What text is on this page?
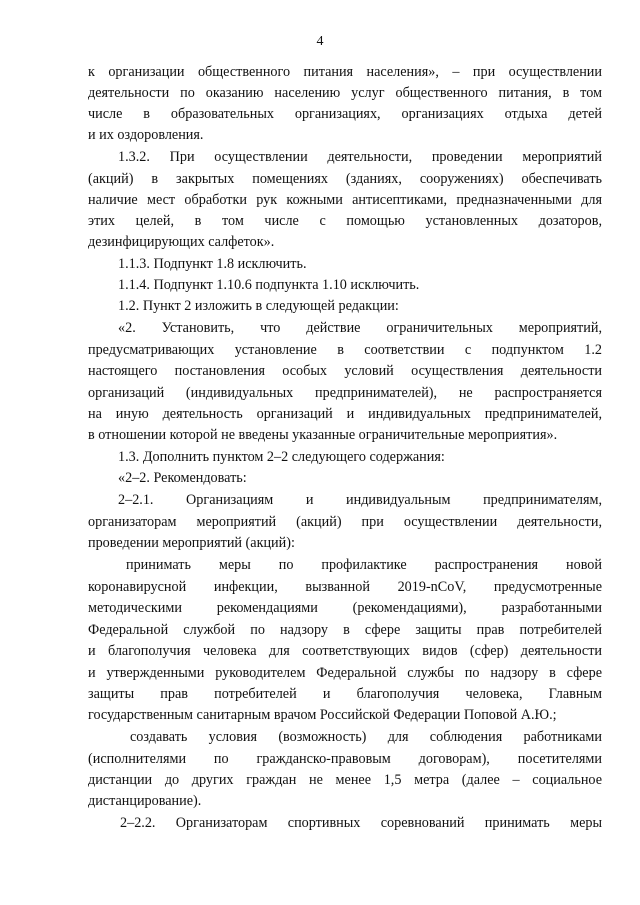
4
к организации общественного питания населения», – при осуществлении
деятельности по оказанию населению услуг общественного питания, в том
числе в образовательных организациях, организациях отдыха детей
и их оздоровления.
1.3.2. При осуществлении деятельности, проведении мероприятий
(акций) в закрытых помещениях (зданиях, сооружениях) обеспечивать
наличие мест обработки рук кожными антисептиками, предназначенными для
этих целей, в том числе с помощью установленных дозаторов,
дезинфицирующих салфеток».
1.1.3. Подпункт 1.8 исключить.
1.1.4. Подпункт 1.10.6 подпункта 1.10 исключить.
1.2. Пункт 2 изложить в следующей редакции:
«2. Установить, что действие ограничительных мероприятий,
предусматривающих установление в соответствии с подпунктом 1.2
настоящего постановления особых условий осуществления деятельности
организаций (индивидуальных предпринимателей), не распространяется
на иную деятельность организаций и индивидуальных предпринимателей,
в отношении которой не введены указанные ограничительные мероприятия».
1.3. Дополнить пунктом 2–2 следующего содержания:
«2–2. Рекомендовать:
2–2.1. Организациям и индивидуальным предпринимателям,
организаторам мероприятий (акций) при осуществлении деятельности,
проведении мероприятий (акций):
принимать меры по профилактике распространения новой
коронавирусной инфекции, вызванной 2019-nCoV, предусмотренные
методическими рекомендациями (рекомендациями), разработанными
Федеральной службой по надзору в сфере защиты прав потребителей
и благополучия человека для соответствующих видов (сфер) деятельности
и утвержденными руководителем Федеральной службы по надзору в сфере
защиты прав потребителей и благополучия человека, Главным
государственным санитарным врачом Российской Федерации Поповой А.Ю.;
создавать условия (возможность) для соблюдения работниками
(исполнителями по гражданско-правовым договорам), посетителями
дистанции до других граждан не менее 1,5 метра (далее – социальное
дистанцирование).
2–2.2. Организаторам спортивных соревнований принимать меры
